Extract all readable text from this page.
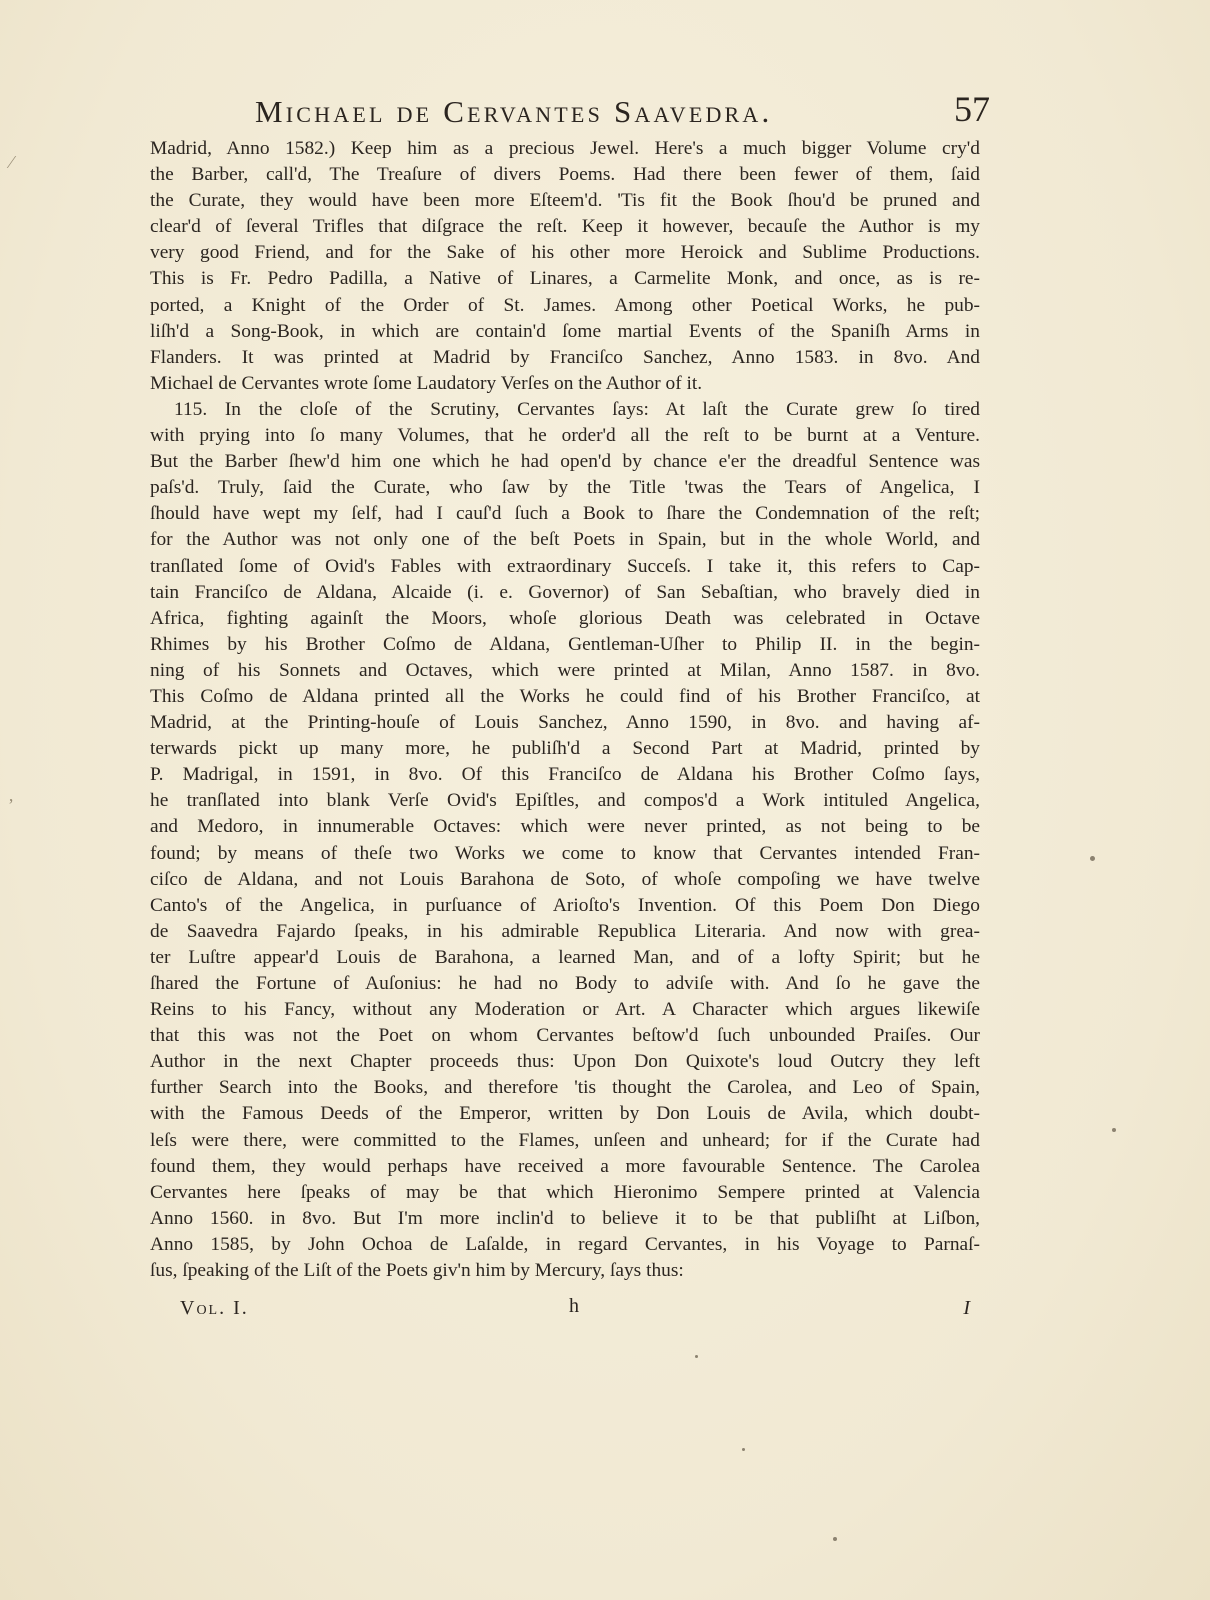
Michael de Cervantes Saavedra.	57
Madrid, Anno 1582.) Keep him as a precious Jewel. Here's a much bigger Volume cry'd
the Barber, call'd, The Treaſure of divers Poems. Had there been fewer of them, ſaid
the Curate, they would have been more Eſteem'd. 'Tis fit the Book ſhou'd be pruned and
clear'd of ſeveral Trifles that diſgrace the reſt. Keep it however, becauſe the Author is my
very good Friend, and for the Sake of his other more Heroick and Sublime Productions.
This is Fr. Pedro Padilla, a Native of Linares, a Carmelite Monk, and once, as is re-
ported, a Knight of the Order of St. James. Among other Poetical Works, he pub-
liſh'd a Song-Book, in which are contain'd ſome martial Events of the Spaniſh Arms in
Flanders. It was printed at Madrid by Franciſco Sanchez, Anno 1583. in 8vo. And
Michael de Cervantes wrote ſome Laudatory Verſes on the Author of it.
115. In the cloſe of the Scrutiny, Cervantes ſays: At laſt the Curate grew ſo tired
with prying into ſo many Volumes, that he order'd all the reſt to be burnt at a Venture.
But the Barber ſhew'd him one which he had open'd by chance e'er the dreadful Sentence was
paſs'd. Truly, ſaid the Curate, who ſaw by the Title 'twas the Tears of Angelica, I
ſhould have wept my ſelf, had I cauſ'd ſuch a Book to ſhare the Condemnation of the reſt;
for the Author was not only one of the beſt Poets in Spain, but in the whole World, and
tranſlated ſome of Ovid's Fables with extraordinary Succeſs. I take it, this refers to Cap-
tain Franciſco de Aldana, Alcaide (i. e. Governor) of San Sebaſtian, who bravely died in
Africa, fighting againſt the Moors, whoſe glorious Death was celebrated in Octave
Rhimes by his Brother Coſmo de Aldana, Gentleman-Uſher to Philip II. in the begin-
ning of his Sonnets and Octaves, which were printed at Milan, Anno 1587. in 8vo.
This Coſmo de Aldana printed all the Works he could find of his Brother Franciſco, at
Madrid, at the Printing-houſe of Louis Sanchez, Anno 1590, in 8vo. and having af-
terwards pickt up many more, he publiſh'd a Second Part at Madrid, printed by
P. Madrigal, in 1591, in 8vo. Of this Franciſco de Aldana his Brother Coſmo ſays,
he tranſlated into blank Verſe Ovid's Epiſtles, and compos'd a Work intituled Angelica,
and Medoro, in innumerable Octaves: which were never printed, as not being to be
found; by means of theſe two Works we come to know that Cervantes intended Fran-
ciſco de Aldana, and not Louis Barahona de Soto, of whoſe compoſing we have twelve
Canto's of the Angelica, in purſuance of Arioſto's Invention. Of this Poem Don Diego
de Saavedra Fajardo ſpeaks, in his admirable Republica Literaria. And now with grea-
ter Luſtre appear'd Louis de Barahona, a learned Man, and of a lofty Spirit; but he
ſhared the Fortune of Auſonius: he had no Body to adviſe with. And ſo he gave the
Reins to his Fancy, without any Moderation or Art. A Character which argues likewiſe
that this was not the Poet on whom Cervantes beſtow'd ſuch unbounded Praiſes. Our
Author in the next Chapter proceeds thus: Upon Don Quixote's loud Outcry they left
further Search into the Books, and therefore 'tis thought the Carolea, and Leo of Spain,
with the Famous Deeds of the Emperor, written by Don Louis de Avila, which doubt-
leſs were there, were committed to the Flames, unſeen and unheard; for if the Curate had
found them, they would perhaps have received a more favourable Sentence. The Carolea
Cervantes here ſpeaks of may be that which Hieronimo Sempere printed at Valencia
Anno 1560. in 8vo. But I'm more inclin'd to believe it to be that publiſht at Liſbon,
Anno 1585, by John Ochoa de Laſalde, in regard Cervantes, in his Voyage to Parnaſ-
ſus, ſpeaking of the Liſt of the Poets giv'n him by Mercury, ſays thus:
Vol. I.	h	I
⁄
‚
